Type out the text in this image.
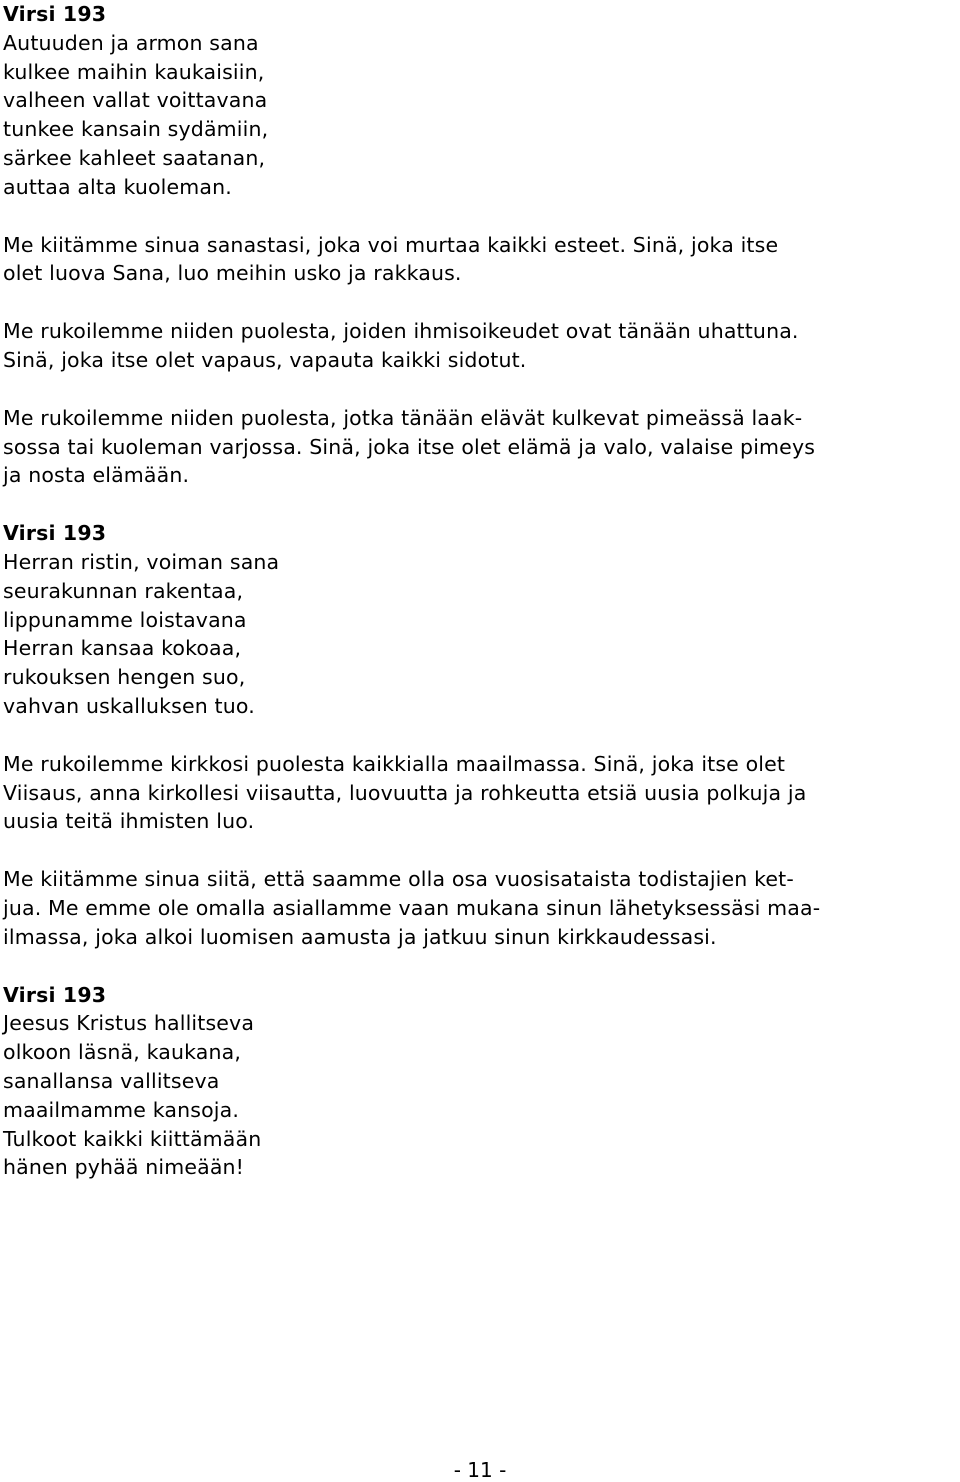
Virsi 193
Autuuden ja armon sana
kulkee maihin kaukaisiin,
valheen vallat voittavana
tunkee kansain sydämiin,
särkee kahleet saatanan,
auttaa alta kuoleman.
Me kiitämme sinua sanastasi, joka voi murtaa kaikki esteet. Sinä, joka itse
olet luova Sana, luo meihin usko ja rakkaus.
Me rukoilemme niiden puolesta, joiden ihmisoikeudet ovat tänään uhattuna.
Sinä, joka itse olet vapaus, vapauta kaikki sidotut.
Me rukoilemme niiden puolesta, jotka tänään elävät kulkevat pimeässä laak-
sossa tai kuoleman varjossa. Sinä, joka itse olet elämä ja valo, valaise pimeys
ja nosta elämään.
Virsi 193
Herran ristin, voiman sana
seurakunnan rakentaa,
lippunamme loistavana
Herran kansaa kokoaa,
rukouksen hengen suo,
vahvan uskalluksen tuo.
Me rukoilemme kirkkosi puolesta kaikkialla maailmassa. Sinä, joka itse olet
Viisaus, anna kirkollesi viisautta, luovuutta ja rohkeutta etsiä uusia polkuja ja
uusia teitä ihmisten luo.
Me kiitämme sinua siitä, että saamme olla osa vuosisataista todistajien ket-
jua. Me emme ole omalla asiallamme vaan mukana sinun lähetyksessäsi maa-
ilmassa, joka alkoi luomisen aamusta ja jatkuu sinun kirkkaudessasi.
Virsi 193
Jeesus Kristus hallitseva
olkoon läsnä, kaukana,
sanallansa vallitseva
maailmamme kansoja.
Tulkoot kaikki kiittämään
hänen pyhää nimeään!
- 11 -
